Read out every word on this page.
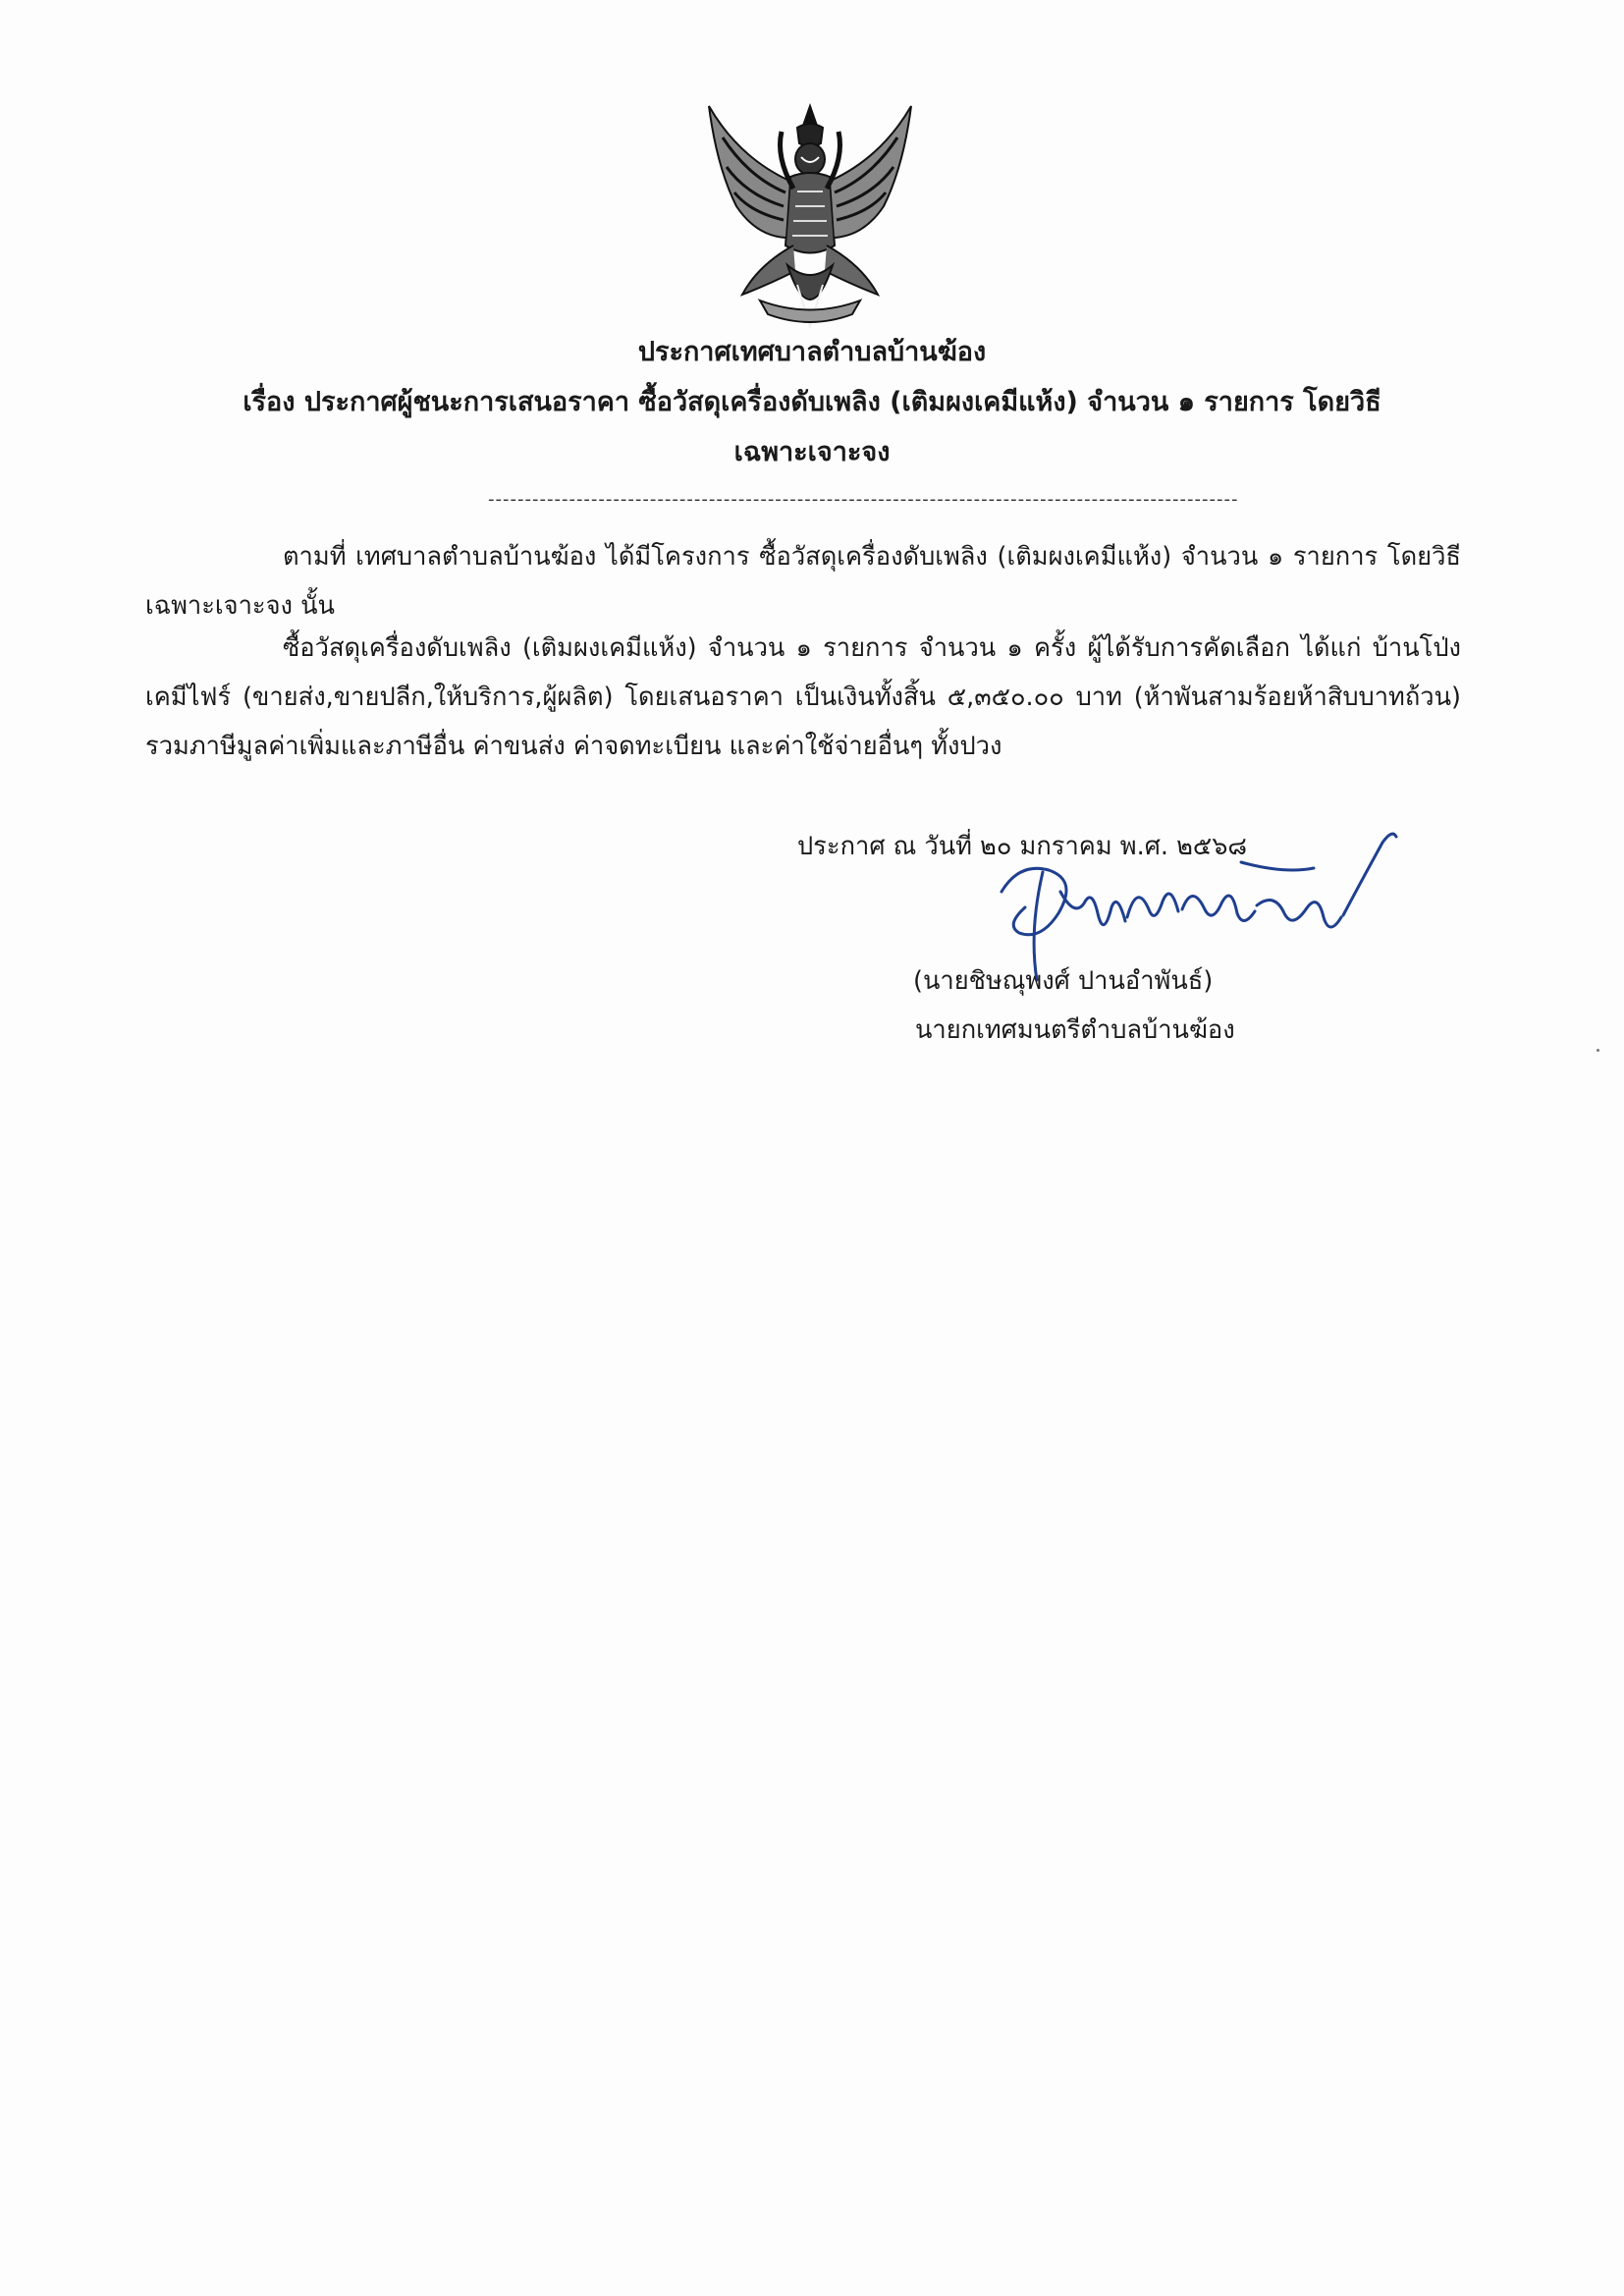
ประกาศเทศบาลตำบลบ้านฆ้อง
เรื่อง ประกาศผู้ชนะการเสนอราคา ซื้อวัสดุเครื่องดับเพลิง (เติมผงเคมีแห้ง) จำนวน ๑ รายการ โดยวิธี
เฉพาะเจาะจง
------------------------------------------------------------------------------------------------------
ตามที่ เทศบาลตำบลบ้านฆ้อง ได้มีโครงการ ซื้อวัสดุเครื่องดับเพลิง (เติมผงเคมีแห้ง) จำนวน ๑ รายการ โดยวิธีเฉพาะเจาะจง นั้น
ซื้อวัสดุเครื่องดับเพลิง (เติมผงเคมีแห้ง) จำนวน ๑ รายการ จำนวน ๑ ครั้ง ผู้ได้รับการคัดเลือก ได้แก่ บ้านโป่งเคมีไฟร์ (ขายส่ง,ขายปลีก,ให้บริการ,ผู้ผลิต) โดยเสนอราคา เป็นเงินทั้งสิ้น ๕,๓๕๐.๐๐ บาท (ห้าพันสามร้อยห้าสิบบาทถ้วน) รวมภาษีมูลค่าเพิ่มและภาษีอื่น ค่าขนส่ง ค่าจดทะเบียน และค่าใช้จ่ายอื่นๆ ทั้งปวง
ประกาศ ณ วันที่ ๒๐ มกราคม พ.ศ. ๒๕๖๘
(นายชิษณุพงศ์ ปานอำพันธ์)
นายกเทศมนตรีตำบลบ้านฆ้อง
